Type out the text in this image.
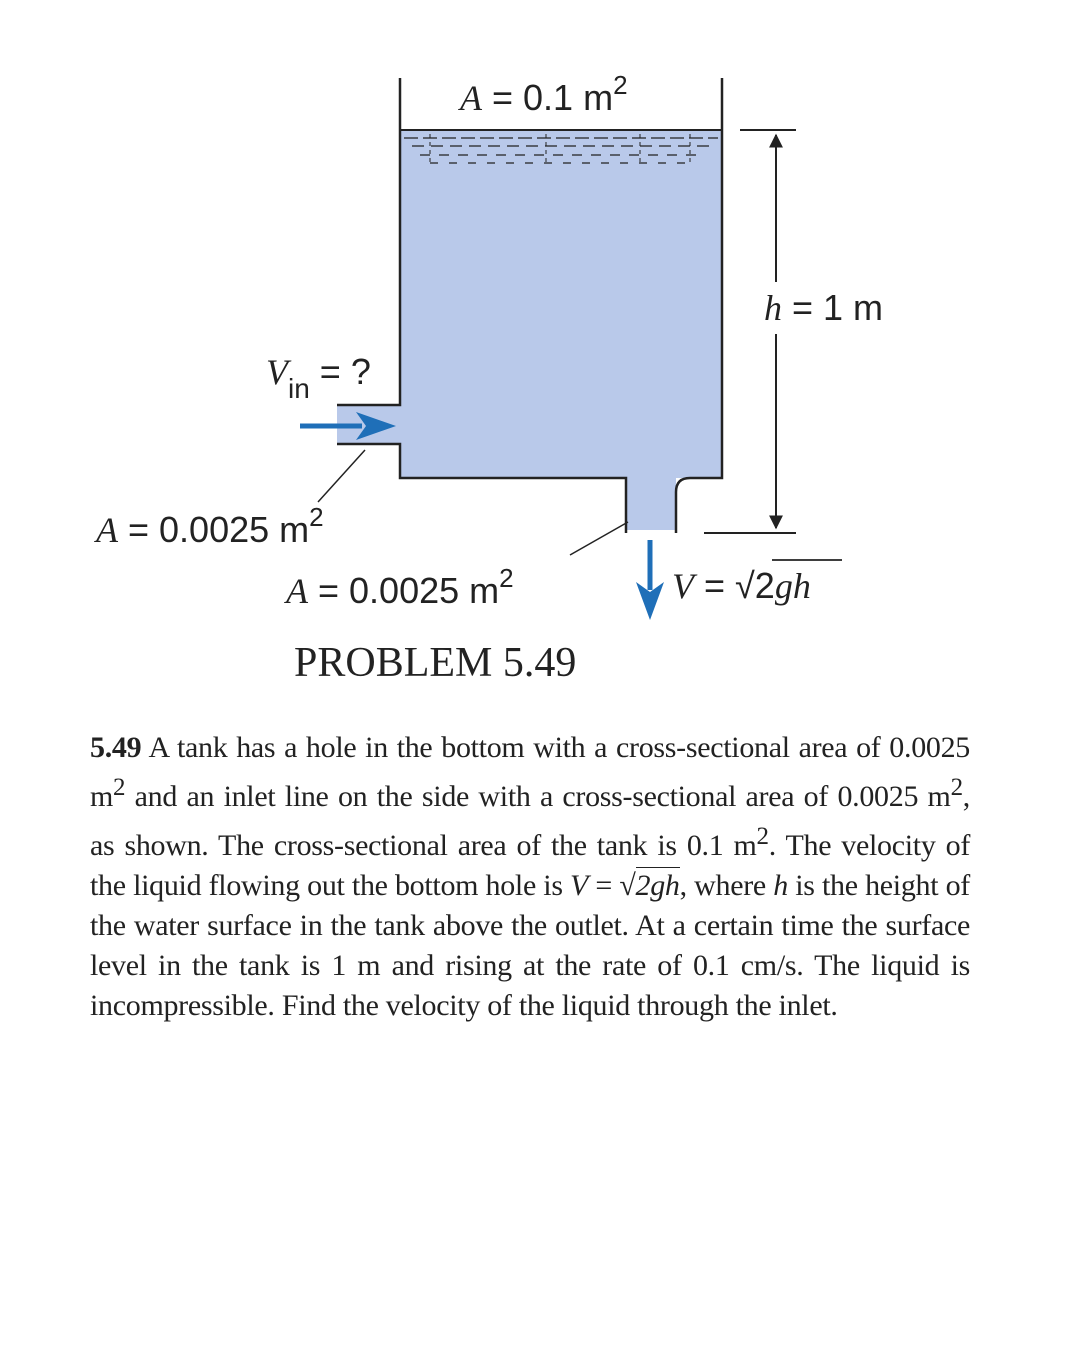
A = 0.1 $m^2$
h = 1 m
$V_{in}$ = ?
A = 0.0025 $m^2$
A = 0.0025 $m^2$	V = √2gh
PROBLEM 5.49

5.49 A tank has a hole in the bottom with a cross-sectional area of 0.0025 $m^2$ and an inlet line on the side with a cross-sectional area of 0.0025 $m^2$, as shown. The cross-sectional area of the tank is 0.1 $m^2$. The velocity of the liquid flowing out the bottom hole is V = √2gh, where h is the height of the water surface in the tank above the outlet. At a certain time the surface level in the tank is 1 m and rising at the rate of 0.1 cm/s. The liquid is incompressible. Find the velocity of the liquid through the inlet.
